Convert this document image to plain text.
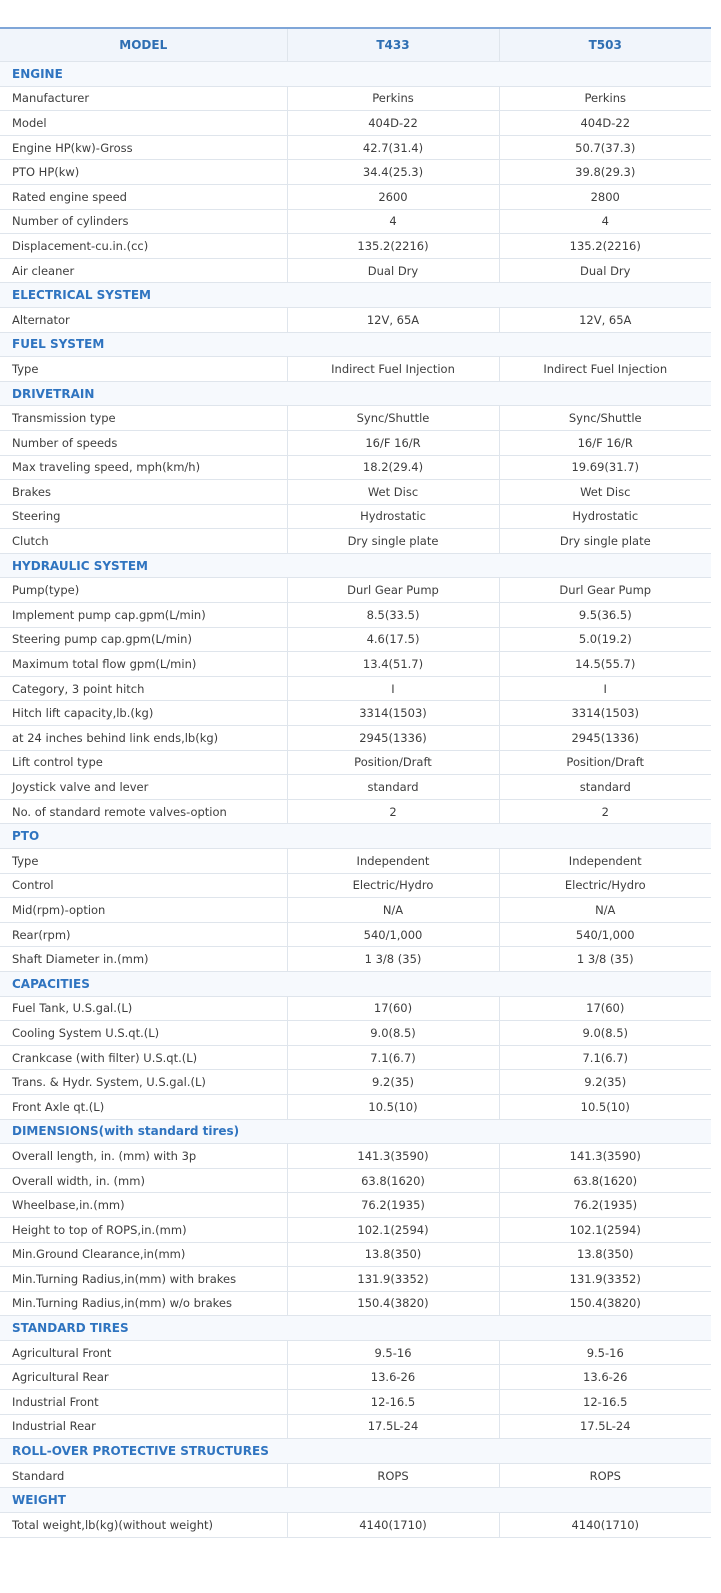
MODEL	T433	T503
ENGINE		
Manufacturer	Perkins	Perkins
Model	404D-22	404D-22
Engine HP(kw)-Gross	42.7(31.4)	50.7(37.3)
PTO HP(kw)	34.4(25.3)	39.8(29.3)
Rated engine speed	2600	2800
Number of cylinders	4	4
Displacement-cu.in.(cc)	135.2(2216)	135.2(2216)
Air cleaner	Dual Dry	Dual Dry
ELECTRICAL SYSTEM		
Alternator	12V, 65A	12V, 65A
FUEL SYSTEM		
Type	Indirect Fuel Injection	Indirect Fuel Injection
DRIVETRAIN		
Transmission type	Sync/Shuttle	Sync/Shuttle
Number of speeds	16/F 16/R	16/F 16/R
Max traveling speed, mph(km/h)	18.2(29.4)	19.69(31.7)
Brakes	Wet Disc	Wet Disc
Steering	Hydrostatic	Hydrostatic
Clutch	Dry single plate	Dry single plate
HYDRAULIC SYSTEM		
Pump(type)	Durl Gear Pump	Durl Gear Pump
Implement pump cap.gpm(L/min)	8.5(33.5)	9.5(36.5)
Steering pump cap.gpm(L/min)	4.6(17.5)	5.0(19.2)
Maximum total flow gpm(L/min)	13.4(51.7)	14.5(55.7)
Category, 3 point hitch	I	I
Hitch lift capacity,lb.(kg)	3314(1503)	3314(1503)
at 24 inches behind link ends,lb(kg)	2945(1336)	2945(1336)
Lift control type	Position/Draft	Position/Draft
Joystick valve and lever	standard	standard
No. of standard remote valves-option	2	2
PTO		
Type	Independent	Independent
Control	Electric/Hydro	Electric/Hydro
Mid(rpm)-option	N/A	N/A
Rear(rpm)	540/1,000	540/1,000
Shaft Diameter in.(mm)	1 3/8 (35)	1 3/8 (35)
CAPACITIES		
Fuel Tank, U.S.gal.(L)	17(60)	17(60)
Cooling System U.S.qt.(L)	9.0(8.5)	9.0(8.5)
Crankcase (with filter) U.S.qt.(L)	7.1(6.7)	7.1(6.7)
Trans. & Hydr. System, U.S.gal.(L)	9.2(35)	9.2(35)
Front Axle qt.(L)	10.5(10)	10.5(10)
DIMENSIONS(with standard tires)		
Overall length, in. (mm) with 3p	141.3(3590)	141.3(3590)
Overall width, in. (mm)	63.8(1620)	63.8(1620)
Wheelbase,in.(mm)	76.2(1935)	76.2(1935)
Height to top of ROPS,in.(mm)	102.1(2594)	102.1(2594)
Min.Ground Clearance,in(mm)	13.8(350)	13.8(350)
Min.Turning Radius,in(mm) with brakes	131.9(3352)	131.9(3352)
Min.Turning Radius,in(mm) w/o brakes	150.4(3820)	150.4(3820)
STANDARD TIRES		
Agricultural Front	9.5-16	9.5-16
Agricultural Rear	13.6-26	13.6-26
Industrial Front	12-16.5	12-16.5
Industrial Rear	17.5L-24	17.5L-24
ROLL-OVER PROTECTIVE STRUCTURES		
Standard	ROPS	ROPS
WEIGHT		
Total weight,lb(kg)(without weight)	4140(1710)	4140(1710)
